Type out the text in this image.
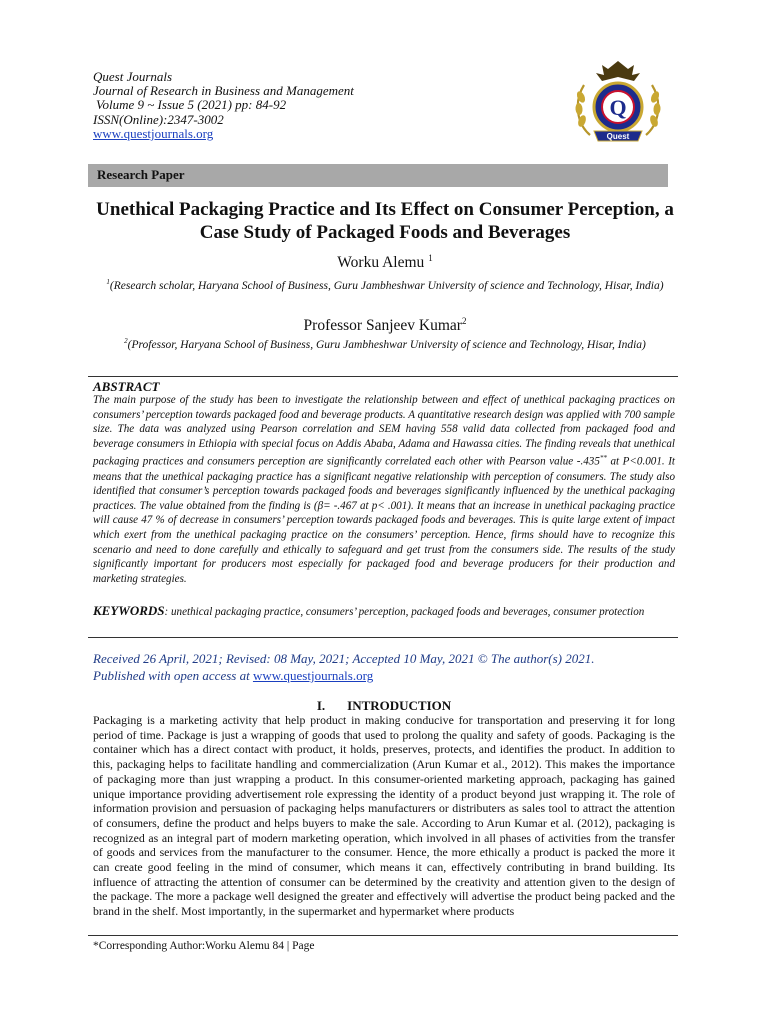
Quest Journals
Journal of Research in Business and Management
Volume 9 ~ Issue 5 (2021) pp: 84-92
ISSN(Online):2347-3002
www.questjournals.org
Q
Quest
Research Paper
Unethical Packaging Practice and Its Effect on Consumer Perception, a Case Study of Packaged Foods and Beverages
Worku Alemu $^1$
$^1$(Research scholar, Haryana School of Business, Guru Jambheshwar University of science and Technology, Hisar, India)
Professor Sanjeev Kumar$^2$
$^2$(Professor, Haryana School of Business, Guru Jambheshwar University of science and Technology, Hisar, India)
ABSTRACT
The main purpose of the study has been to investigate the relationship between and effect of unethical packaging practices on consumers’ perception towards packaged food and beverage products. A quantitative research design was applied with 700 sample size. The data was analyzed using Pearson correlation and SEM having 558 valid data collected from packaged food and beverage consumers in Ethiopia with special focus on Addis Ababa, Adama and Hawassa cities. The finding reveals that unethical packaging practices and consumers perception are significantly correlated each other with Pearson value -.435** at P<0.001. It means that the unethical packaging practice has a significant negative relationship with perception of consumers. The study also identified that consumer’s perception towards packaged foods and beverages significantly influenced by the unethical packaging practices. The value obtained from the finding is (β= -.467 at p< .001). It means that an increase in unethical packaging practice will cause 47 % of decrease in consumers’ perception towards packaged foods and beverages. This is quite large extent of impact which exert from the unethical packaging practice on the consumers’ perception. Hence, firms should have to recognize this scenario and need to done carefully and ethically to safeguard and get trust from the consumers side. The results of the study significantly important for producers most especially for packaged food and beverage producers for their production and marketing strategies.
KEYWORDS: unethical packaging practice, consumers’ perception, packaged foods and beverages, consumer protection
Received 26 April, 2021; Revised: 08 May, 2021; Accepted 10 May, 2021 © The author(s) 2021.
Published with open access at www.questjournals.org
I. INTRODUCTION
Packaging is a marketing activity that help product in making conducive for transportation and preserving it for long period of time. Package is just a wrapping of goods that used to prolong the quality and safety of goods. Packaging is the container which has a direct contact with product, it holds, preserves, protects, and identifies the product. In addition to this, packaging helps to facilitate handling and commercialization (Arun Kumar et al., 2012). This makes the importance of packaging more than just wrapping a product. In this consumer-oriented marketing approach, packaging has gained unique importance providing advertisement role expressing the identity of a product beyond just wrapping it. The role of information provision and persuasion of packaging helps manufacturers or distributers as sales tool to attract the attention of consumers, define the product and helps buyers to make the sale. According to Arun Kumar et al. (2012), packaging is recognized as an integral part of modern marketing operation, which involved in all phases of activities from the transfer of goods and services from the manufacturer to the consumer. Hence, the more ethically a product is packed the more it can create good feeling in the mind of consumer, which means it can, effectively contributing in brand building. Its influence of attracting the attention of consumer can be determined by the creativity and attention given to the design of the package. The more a package well designed the greater and effectively will advertise the product being packed and the brand in the shelf. Most importantly, in the supermarket and hypermarket where products
*Corresponding Author:Worku Alemu 84 | Page
